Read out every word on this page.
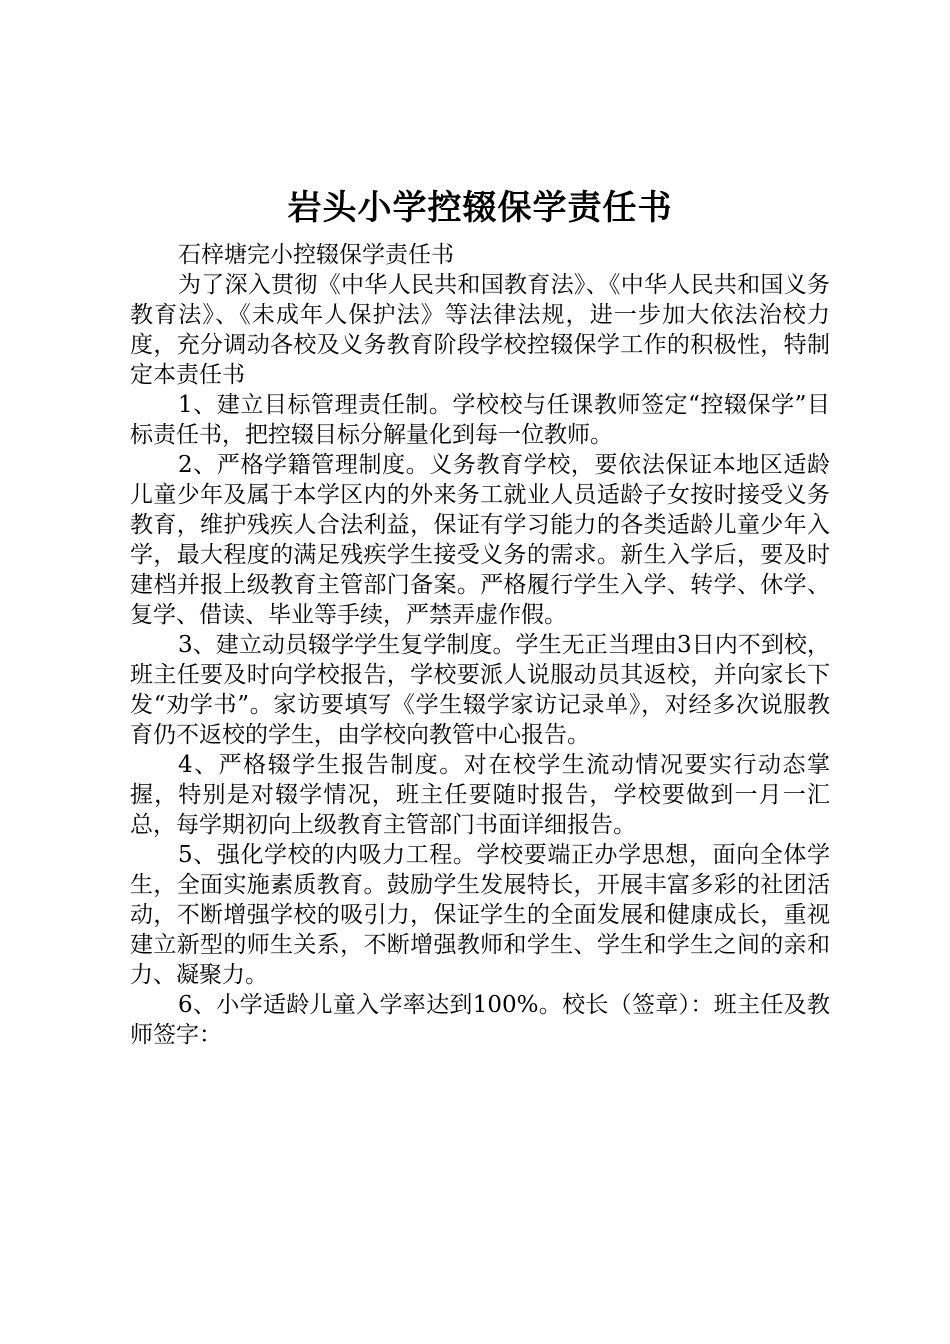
岩头小学控辍保学责任书

石梓塘完小控辍保学责任书

为了深入贯彻《中华人民共和国教育法》、《中华人民共和国义务教育法》、《未成年人保护法》等法律法规，进一步加大依法治校力度，充分调动各校及义务教育阶段学校控辍保学工作的积极性，特制定本责任书

1、建立目标管理责任制。学校校与任课教师签定“控辍保学”目标责任书，把控辍目标分解量化到每一位教师。

2、严格学籍管理制度。义务教育学校，要依法保证本地区适龄儿童少年及属于本学区内的外来务工就业人员适龄子女按时接受义务教育，维护残疾人合法利益，保证有学习能力的各类适龄儿童少年入学，最大程度的满足残疾学生接受义务的需求。新生入学后，要及时建档并报上级教育主管部门备案。严格履行学生入学、转学、休学、复学、借读、毕业等手续，严禁弄虚作假。

3、建立动员辍学学生复学制度。学生无正当理由3日内不到校，班主任要及时向学校报告，学校要派人说服动员其返校，并向家长下发“劝学书”。家访要填写《学生辍学家访记录单》，对经多次说服教育仍不返校的学生，由学校向教管中心报告。

4、严格辍学生报告制度。对在校学生流动情况要实行动态掌握，特别是对辍学情况，班主任要随时报告，学校要做到一月一汇总，每学期初向上级教育主管部门书面详细报告。

5、强化学校的内吸力工程。学校要端正办学思想，面向全体学生，全面实施素质教育。鼓励学生发展特长，开展丰富多彩的社团活动，不断增强学校的吸引力，保证学生的全面发展和健康成长，重视建立新型的师生关系，不断增强教师和学生、学生和学生之间的亲和力、凝聚力。

6、小学适龄儿童入学率达到100%。校长（签章）：班主任及教师签字：
